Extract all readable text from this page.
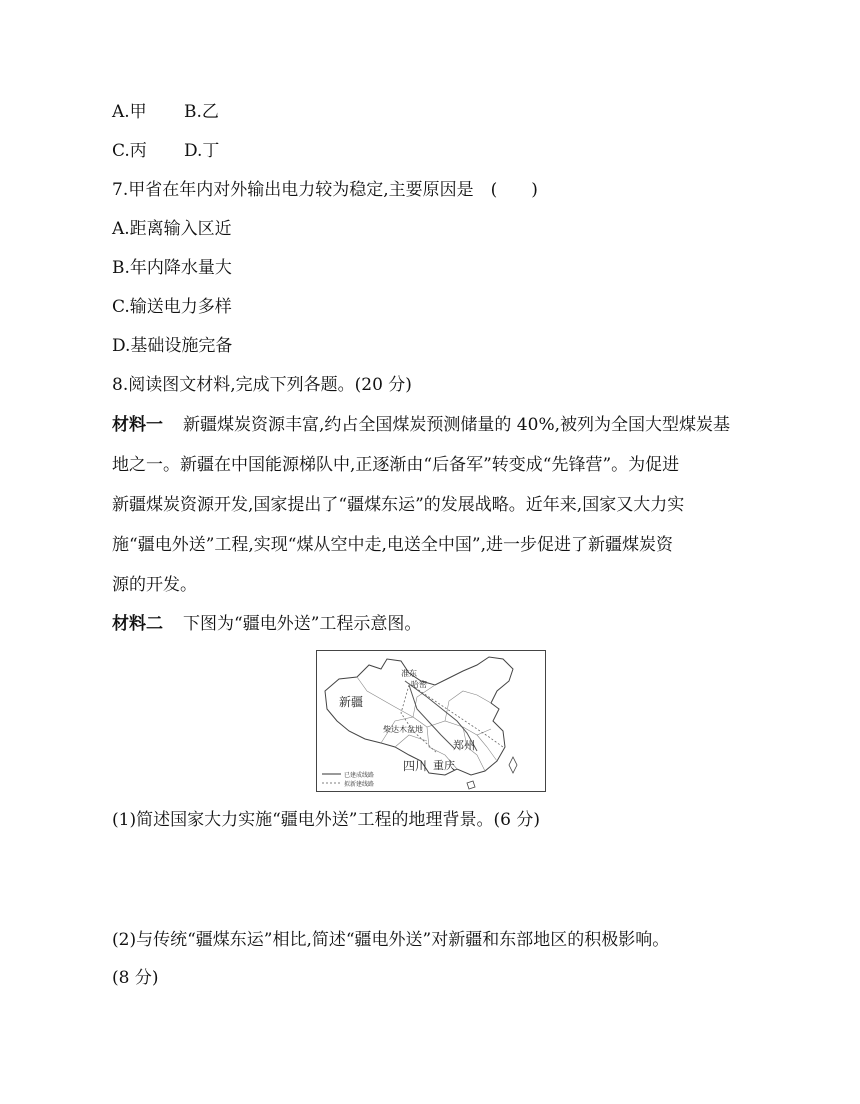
A.甲 B.乙
C.丙 D.丁
7.甲省在年内对外输出电力较为稳定,主要原因是　(　　)
A.距离输入区近
B.年内降水量大
C.输送电力多样
D.基础设施完备
8.阅读图文材料,完成下列各题。(20 分)
材料一 新疆煤炭资源丰富,约占全国煤炭预测储量的 40%,被列为全国大型煤炭基
地之一。新疆在中国能源梯队中,正逐渐由“后备军”转变成“先锋营”。为促进
新疆煤炭资源开发,国家提出了“疆煤东运”的发展战略。近年来,国家又大力实
施“疆电外送”工程,实现“煤从空中走,电送全中国”,进一步促进了新疆煤炭资
源的开发。
材料二 下图为“疆电外送”工程示意图。
新疆
准东
哈密
柴达木盆地
郑州
四川 重庆
已建成线路
拟新建线路
(1)简述国家大力实施“疆电外送”工程的地理背景。(6 分)
(2)与传统“疆煤东运”相比,简述“疆电外送”对新疆和东部地区的积极影响。
(8 分)
